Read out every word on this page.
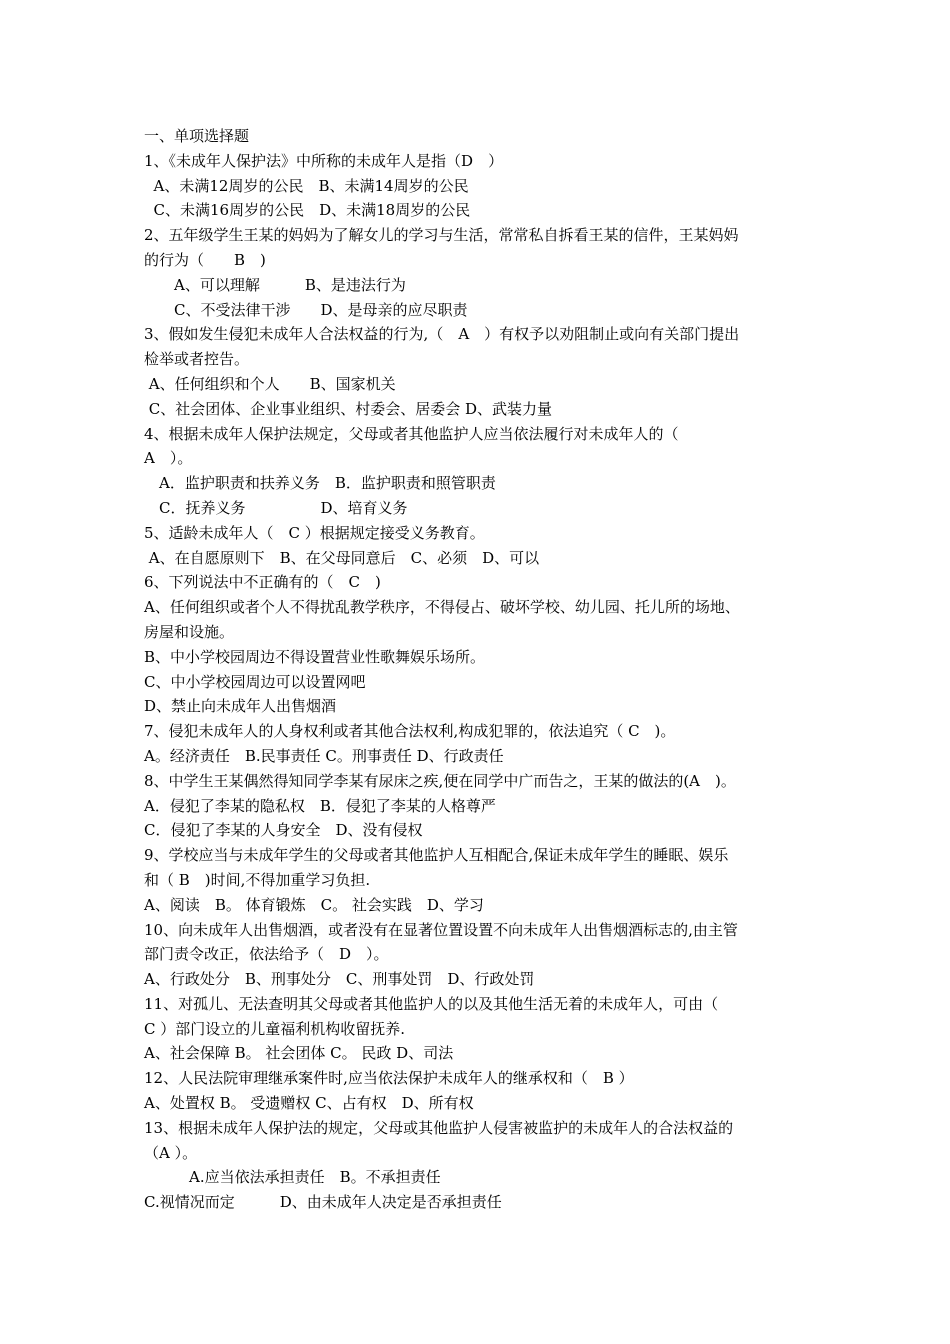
一、单项选择题
1、《未成年人保护法》中所称的未成年人是指（D　）
A、未满12周岁的公民　B、未满14周岁的公民
C、未满16周岁的公民　D、未满18周岁的公民
2、五年级学生王某的妈妈为了解女儿的学习与生活，常常私自拆看王某的信件，王某妈妈
的行为（　　B　)
　　A、可以理解　　　B、是违法行为
　　C、不受法律干涉　　D、是母亲的应尽职责
3、假如发生侵犯未成年人合法权益的行为,（　A　）有权予以劝阻制止或向有关部门提出
检举或者控告。
A、任何组织和个人　　B、国家机关
C、社会团体、企业事业组织、村委会、居委会 D、武装力量
4、根据未成年人保护法规定，父母或者其他监护人应当依法履行对未成年人的（
A　）。
　A．监护职责和扶养义务　B．监护职责和照管职责
　C．抚养义务　　　　　D、培育义务
5、适龄未成年人（　C ）根据规定接受义务教育。
A、在自愿原则下　B、在父母同意后　C、必须　D、可以
6、下列说法中不正确有的（　C　)
A、任何组织或者个人不得扰乱教学秩序，不得侵占、破坏学校、幼儿园、托儿所的场地、
房屋和设施。
B、中小学校园周边不得设置营业性歌舞娱乐场所。
C、中小学校园周边可以设置网吧
D、禁止向未成年人出售烟酒
7、侵犯未成年人的人身权利或者其他合法权利,构成犯罪的，依法追究（ C　)。
A。经济责任　B.民事责任 C。刑事责任 D、行政责任
8、中学生王某偶然得知同学李某有尿床之疾,便在同学中广而告之，王某的做法的(A　)。
A．侵犯了李某的隐私权　B．侵犯了李某的人格尊严
C．侵犯了李某的人身安全　D、没有侵权
9、学校应当与未成年学生的父母或者其他监护人互相配合,保证未成年学生的睡眠、娱乐
和（ B　)时间,不得加重学习负担.
A、阅读　B。 体育锻炼　C。 社会实践　D、学习
10、向未成年人出售烟酒，或者没有在显著位置设置不向未成年人出售烟酒标志的,由主管
部门责令改正，依法给予（　D　）。
A、行政处分　B、刑事处分　C、刑事处罚　D、行政处罚
11、对孤儿、无法查明其父母或者其他监护人的以及其他生活无着的未成年人，可由（
C ）部门设立的儿童福利机构收留抚养.
A、社会保障 B。 社会团体 C。 民政 D、司法
12、人民法院审理继承案件时,应当依法保护未成年人的继承权和（　B ）
A、处置权 B。 受遗赠权 C、占有权　D、所有权
13、根据未成年人保护法的规定，父母或其他监护人侵害被监护的未成年人的合法权益的
（A ）。
　　　A.应当依法承担责任　B。不承担责任
C.视情况而定　　　D、由未成年人决定是否承担责任
